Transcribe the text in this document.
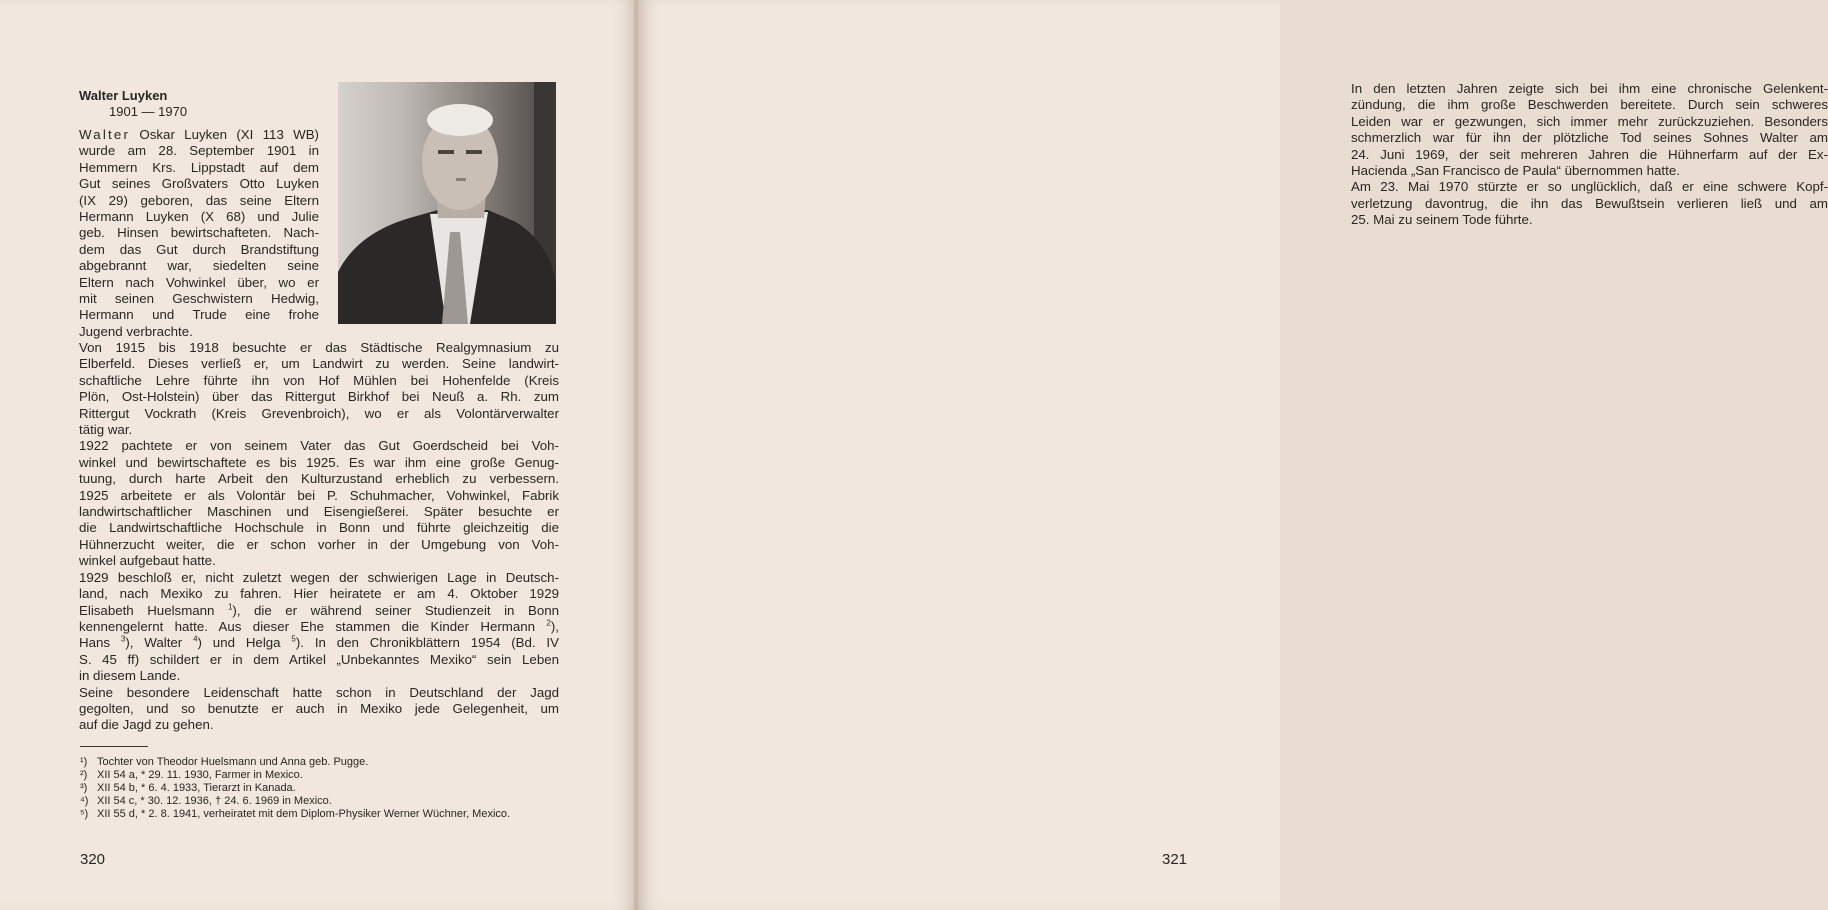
Walter Luyken
1901 — 1970
Walter Oskar Luyken (XI 113 WB)
wurde am 28. September 1901 in
Hemmern Krs. Lippstadt auf dem
Gut seines Großvaters Otto Luyken
(IX 29) geboren, das seine Eltern
Hermann Luyken (X 68) und Julie
geb. Hinsen bewirtschafteten. Nach-
dem das Gut durch Brandstiftung
abgebrannt war, siedelten seine
Eltern nach Vohwinkel über, wo er
mit seinen Geschwistern Hedwig,
Hermann und Trude eine frohe
Jugend verbrachte.

Von 1915 bis 1918 besuchte er das Städtische Realgymnasium zu
Elberfeld. Dieses verließ er, um Landwirt zu werden. Seine landwirt-
schaftliche Lehre führte ihn von Hof Mühlen bei Hohenfelde (Kreis
Plön, Ost-Holstein) über das Rittergut Birkhof bei Neuß a. Rh. zum
Rittergut Vockrath (Kreis Grevenbroich), wo er als Volontärverwalter
tätig war.

1922 pachtete er von seinem Vater das Gut Goerdscheid bei Voh-
winkel und bewirtschaftete es bis 1925. Es war ihm eine große Genug-
tuung, durch harte Arbeit den Kulturzustand erheblich zu verbessern.
1925 arbeitete er als Volontär bei P. Schuhmacher, Vohwinkel, Fabrik
landwirtschaftlicher Maschinen und Eisengießerei. Später besuchte er
die Landwirtschaftliche Hochschule in Bonn und führte gleichzeitig die
Hühnerzucht weiter, die er schon vorher in der Umgebung von Voh-
winkel aufgebaut hatte.

1929 beschloß er, nicht zuletzt wegen der schwierigen Lage in Deutsch-
land, nach Mexiko zu fahren. Hier heiratete er am 4. Oktober 1929
Elisabeth Huelsmann $^1$), die er während seiner Studienzeit in Bonn
kennengelernt hatte. Aus dieser Ehe stammen die Kinder Hermann $^2$),
Hans $^3$), Walter $^4$) und Helga $^5$). In den Chronikblättern 1954 (Bd. IV
S. 45 ff) schildert er in dem Artikel „Unbekanntes Mexiko“ sein Leben
in diesem Lande.

Seine besondere Leidenschaft hatte schon in Deutschland der Jagd
gegolten, und so benutzte er auch in Mexiko jede Gelegenheit, um
auf die Jagd zu gehen.

¹) Tochter von Theodor Huelsmann und Anna geb. Pugge.
²) XII 54 a, * 29. 11. 1930, Farmer in Mexico.
³) XII 54 b, * 6. 4. 1933, Tierarzt in Kanada.
⁴) XII 54 c, * 30. 12. 1936, † 24. 6. 1969 in Mexico.
⁵) XII 55 d, * 2. 8. 1941, verheiratet mit dem Diplom-Physiker Werner Wüchner, Mexico.
320
In den letzten Jahren zeigte sich bei ihm eine chronische Gelenkent-
zündung, die ihm große Beschwerden bereitete. Durch sein schweres
Leiden war er gezwungen, sich immer mehr zurückzuziehen. Besonders
schmerzlich war für ihn der plötzliche Tod seines Sohnes Walter am
24. Juni 1969, der seit mehreren Jahren die Hühnerfarm auf der Ex-
Hacienda „San Francisco de Paula“ übernommen hatte.
Am 23. Mai 1970 stürzte er so unglücklich, daß er eine schwere Kopf-
verletzung davontrug, die ihn das Bewußtsein verlieren ließ und am
25. Mai zu seinem Tode führte.
321
